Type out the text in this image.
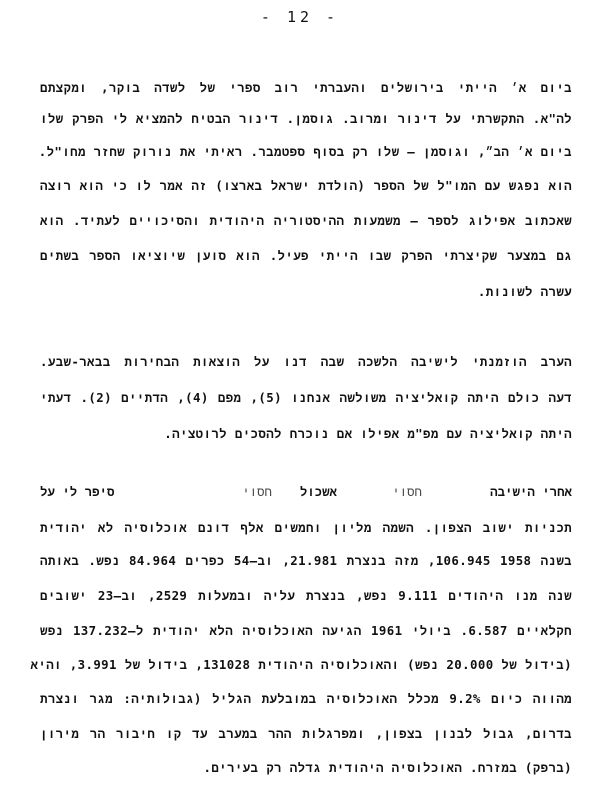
- 12 -
ביום א׳ הייתי בירושלים והעברתי רוב ספרי של לשדה בוקר, ומקצתם
לה"א. התקשרתי על דינור ומרוב. גוסמן. דינור הבטיח להמציא לי הפרק שלו
ביום א׳ הב״, וגוסמן – שלו רק בסוף ספטמבר. ראיתי את נורוק שחזר מחו"ל.
הוא נפגש עם המו"ל של הספר (הולדת ישראל בארצו) זה אמר לו כי הוא רוצה
שאכתוב אפילוג לספר – משמעות ההיסטוריה היהודית והסיכויים לעתיד. הוא
גם במצער שקיצרתי הפרק שבו הייתי פעיל. הוא סוען שיוציאו הספר בשתים
עשרה לשונות.
הערב הוזמנתי לישיבה הלשכה שבה דנו על הוצאות הבחירות בבאר-שבע.
דעה כולם היתה קואליציה משולשה אנחנו (5), מפם (4), הדתיים (2). דעתי
היתה קואליציה עם מפ"מ אפילו אם נוכרח להסכים לרוטציה.
אחרי הישיבה
חסוי
אשכול
חסוי
סיפר לי על
תכניות ישוב הצפון. השמה מליון וחמשים אלף דונם אוכלוסיה לא יהודית
בשנה 1958 106.945, מזה בנצרת 21.981, וב–54 כפרים 84.964 נפש. באותה
שנה מנו היהודים 9.111 נפש, בנצרת עליה ובמעלות 2529, וב–23 ישובים
חקלאיים 6.587. ביולי 1961 הגיעה האוכלוסיה הלא יהודית ל–137.232 נפש
(בידול של 20.000 נפש) והאוכלוסיה היהודית 131028, בידול של 3.991, והיא
מהווה כיום 9.2% מכלל האוכלוסיה במובלעת הגליל (גבולותיה: מגר ונצרת
בדרום, גבול לבנון בצפון, ומפרגלות ההר במערב עד קו חיבור הר מירון
(ברפק) במזרח. האוכלוסיה היהודית גדלה רק בעירים.
